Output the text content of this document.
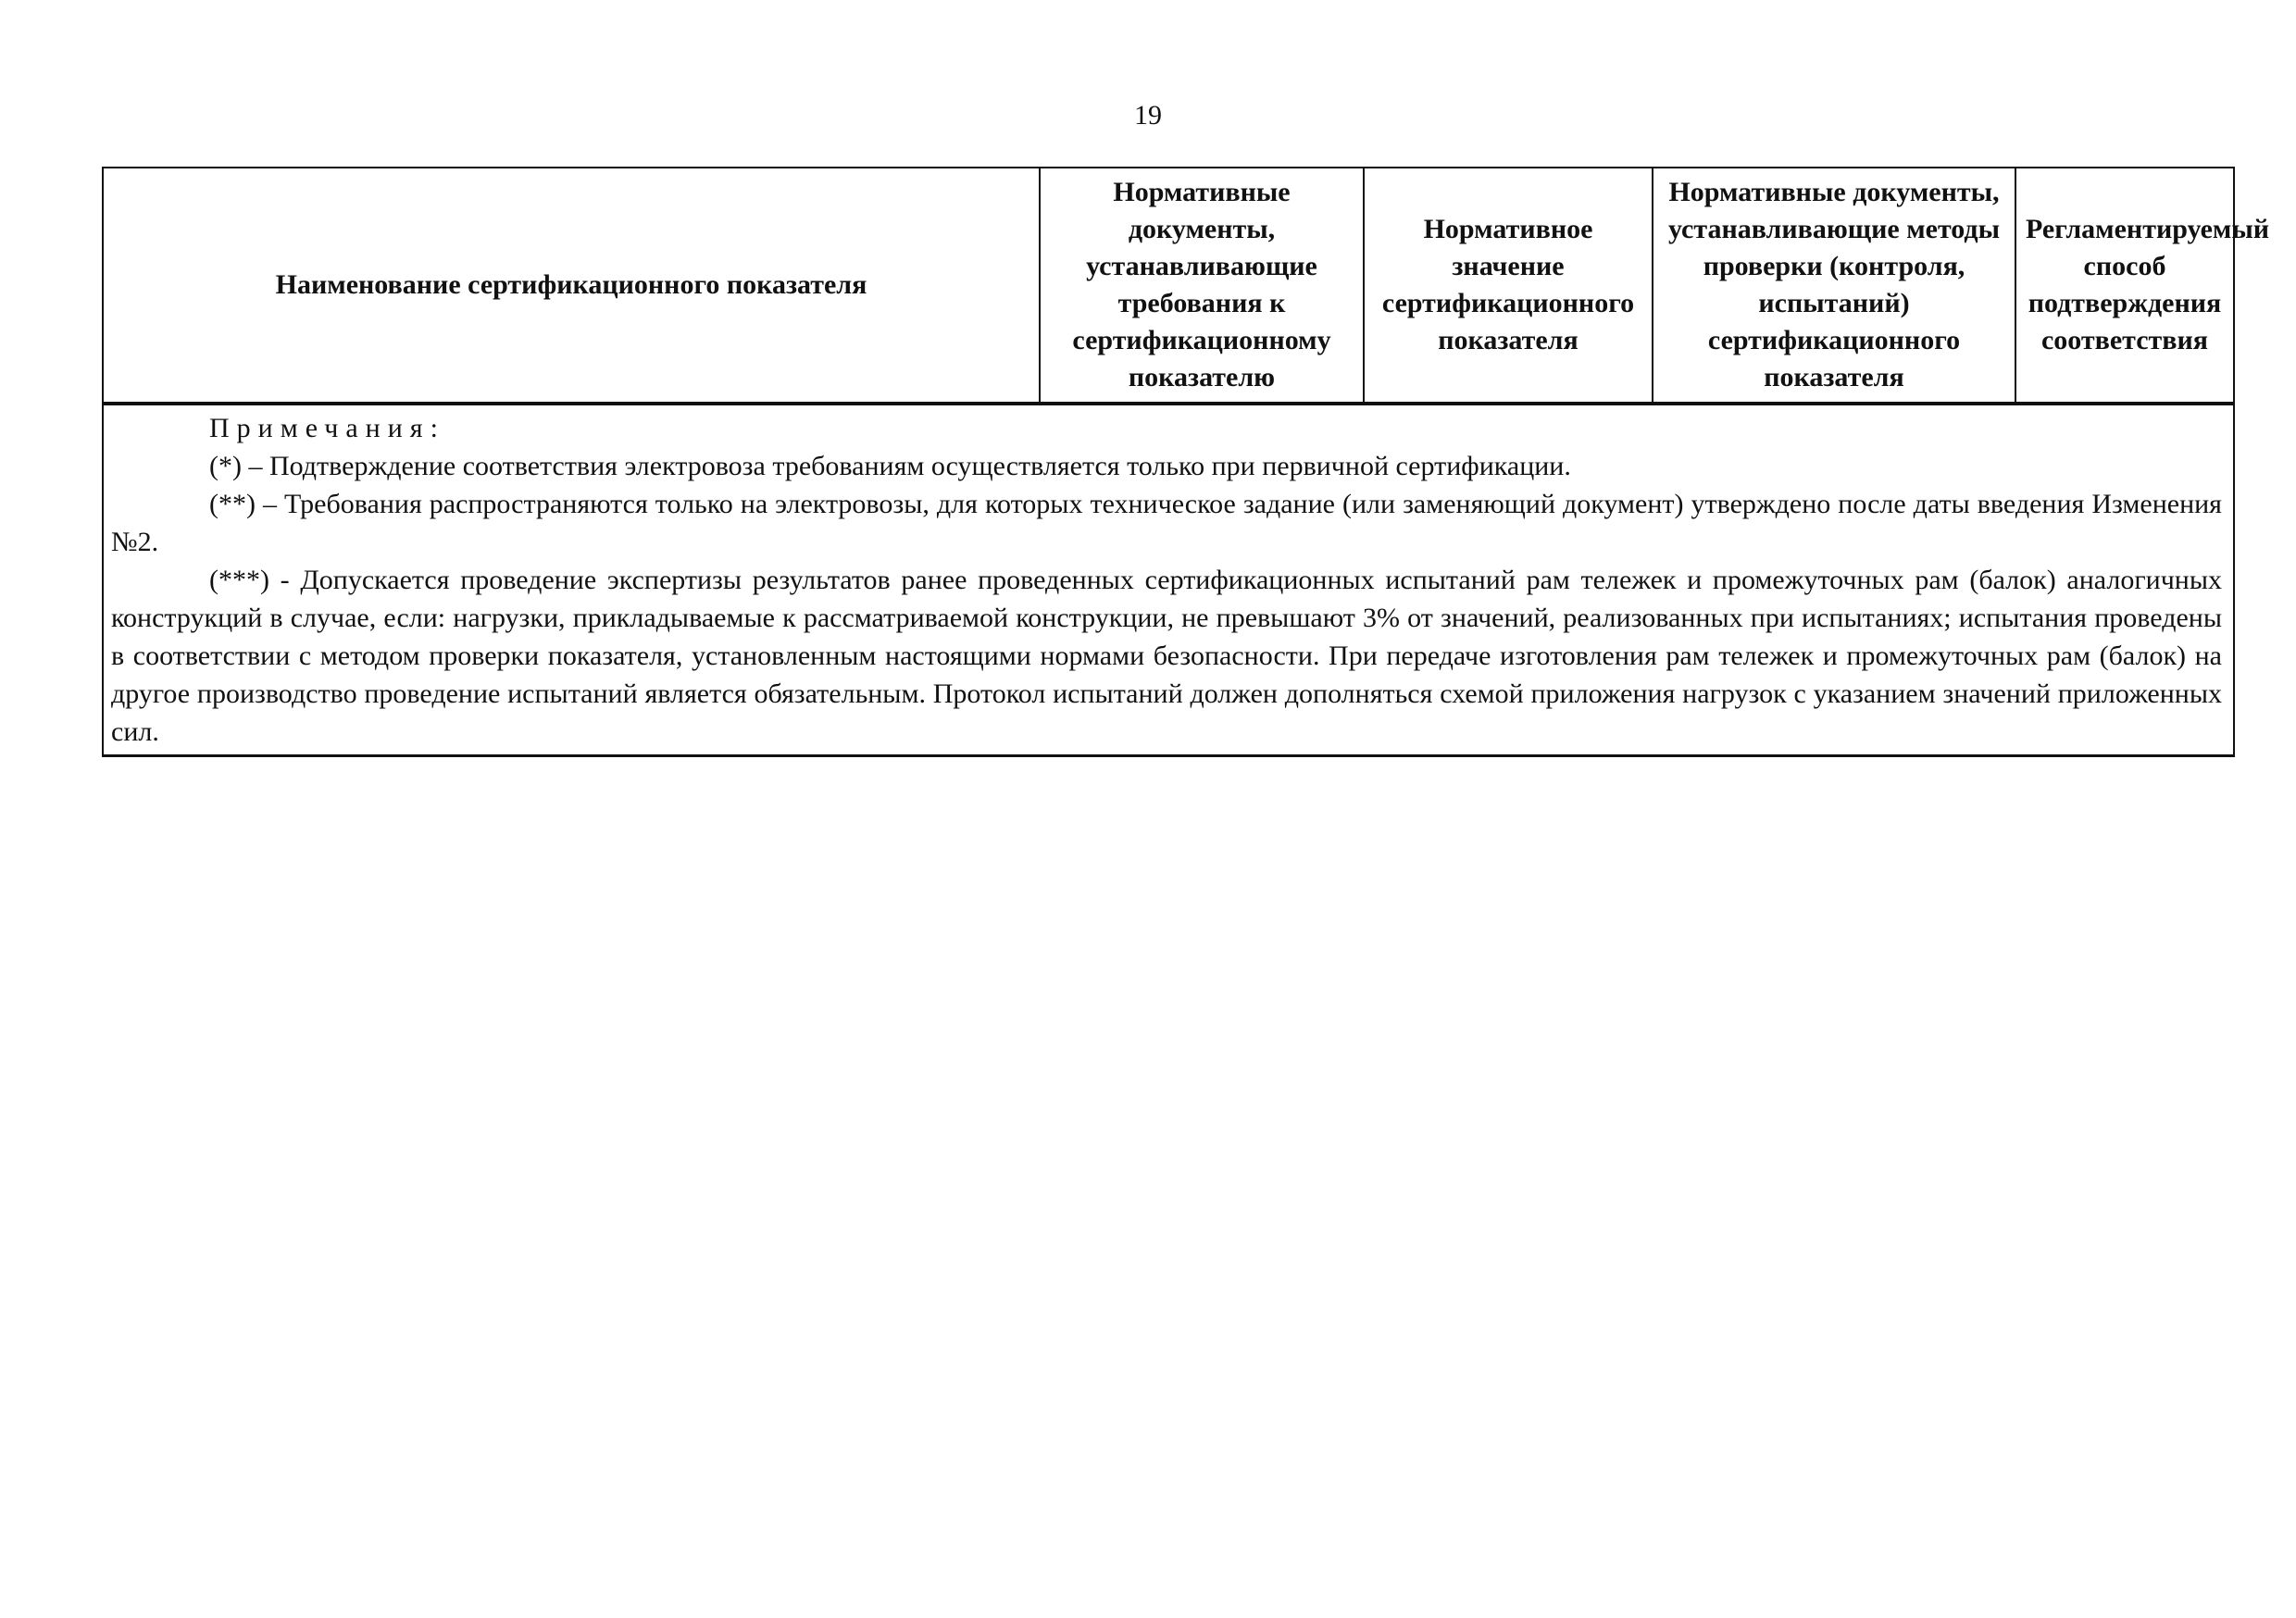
19
Наименование сертификационного показателя	Нормативные документы, устанавливающие требования к сертификационному показателю	Нормативное значение сертификационного показателя	Нормативные документы, устанавливающие методы проверки (контроля, испытаний) сертификационного показателя	Регламентируемый способ подтверждения соответствия

Примечания:

(*) – Подтверждение соответствия электровоза требованиям осуществляется только при первичной сертификации.

(**) – Требования распространяются только на электровозы, для которых техническое задание (или заменяющий документ) утверждено после даты введения Изменения №2.

(***) - Допускается проведение экспертизы результатов ранее проведенных сертификационных испытаний рам тележек и промежуточных рам (балок) аналогичных конструкций в случае, если: нагрузки, прикладываемые к рассматриваемой конструкции, не превышают 3% от значений, реализованных при испытаниях; испытания проведены в соответствии с методом проверки показателя, установленным настоящими нормами безопасности. При передаче изготовления рам тележек и промежуточных рам (балок) на другое производство проведение испытаний является обязательным. Протокол испытаний должен дополняться схемой приложения нагрузок с указанием значений приложенных сил.
